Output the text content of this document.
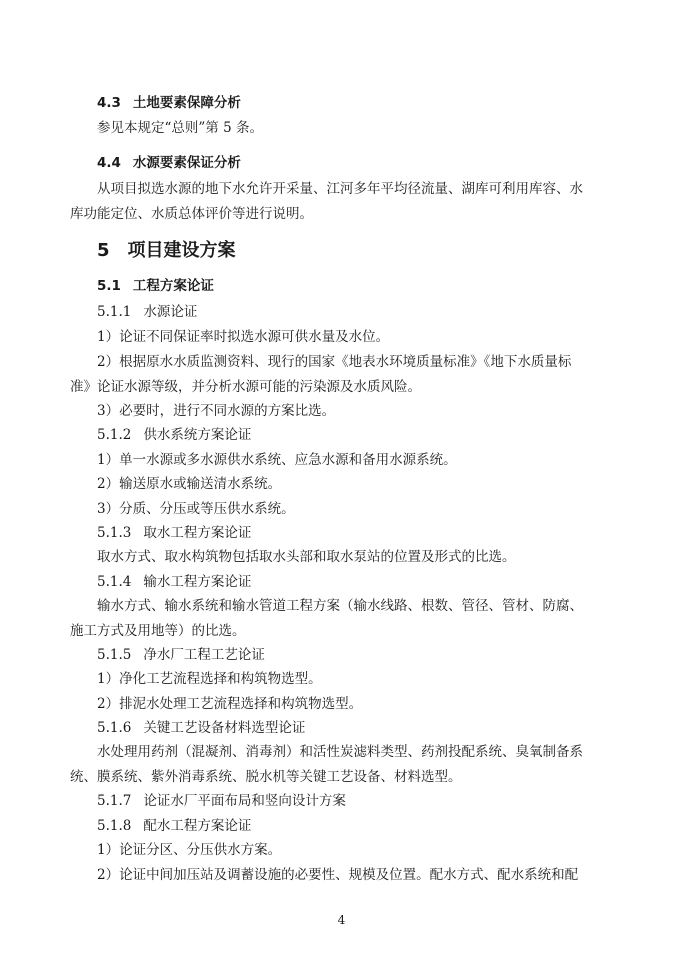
4.3 土地要素保障分析
参见本规定“总则”第 5 条。
4.4 水源要素保证分析
从项目拟选水源的地下水允许开采量、江河多年平均径流量、湖库可利用库容、水
库功能定位、水质总体评价等进行说明。
5 项目建设方案
5.1 工程方案论证
5.1.1 水源论证
1）论证不同保证率时拟选水源可供水量及水位。
2）根据原水水质监测资料、现行的国家《地表水环境质量标准》《地下水质量标
准》论证水源等级，并分析水源可能的污染源及水质风险。
3）必要时，进行不同水源的方案比选。
5.1.2 供水系统方案论证
1）单一水源或多水源供水系统、应急水源和备用水源系统。
2）输送原水或输送清水系统。
3）分质、分压或等压供水系统。
5.1.3 取水工程方案论证
取水方式、取水构筑物包括取水头部和取水泵站的位置及形式的比选。
5.1.4 输水工程方案论证
输水方式、输水系统和输水管道工程方案（输水线路、根数、管径、管材、防腐、
施工方式及用地等）的比选。
5.1.5 净水厂工程工艺论证
1）净化工艺流程选择和构筑物选型。
2）排泥水处理工艺流程选择和构筑物选型。
5.1.6 关键工艺设备材料选型论证
水处理用药剂（混凝剂、消毒剂）和活性炭滤料类型、药剂投配系统、臭氧制备系
统、膜系统、紫外消毒系统、脱水机等关键工艺设备、材料选型。
5.1.7 论证水厂平面布局和竖向设计方案
5.1.8 配水工程方案论证
1）论证分区、分压供水方案。
2）论证中间加压站及调蓄设施的必要性、规模及位置。配水方式、配水系统和配
4
